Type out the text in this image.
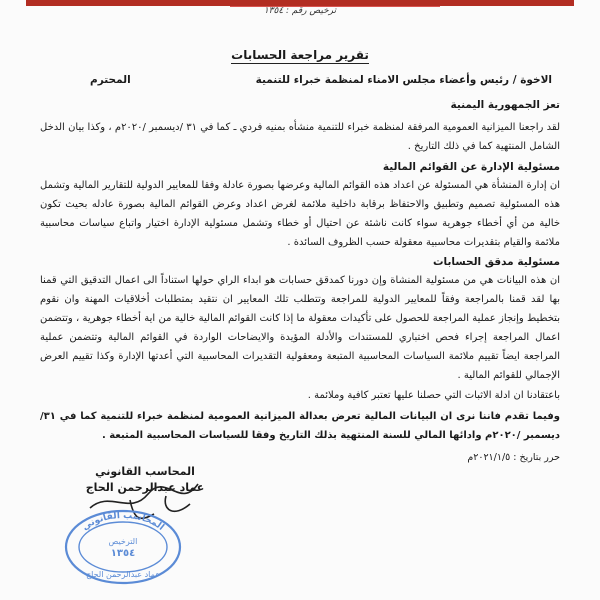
ترخيص رقم : ١٣٥٤
تقرير مراجعة الحسابات
الاخوة / رئيس وأعضاء مجلس الامناء لمنظمة خبراء للتنمية
المحترم

تعز الجمهورية اليمنية

لقد راجعنا الميزانية العمومية المرفقة لمنظمة خبراء للتنمية منشأه بمنيه فردي ـ كما في ٣١ /ديسمبر /٢٠٢٠م ، وكذا بيان الدخل الشامل المنتهية كما في ذلك التاريخ .

مسئولية الإدارة عن القوائم المالية

ان إدارة المنشأة هي المسئولة عن اعداد هذه القوائم المالية وعرضها بصورة عادلة وفقا للمعايير الدولية للتقارير المالية وتشمل هذه المسئولية تصميم وتطبيق والاحتفاظ برقابة داخلية ملائمة لغرض اعداد وعرض القوائم المالية بصورة عادله بحيث تكون خالية من أي أخطاء جوهرية سواء كانت ناشئة عن احتيال أو خطاء وتشمل مسئولية الإدارة اختيار واتباع سياسات محاسبية ملائمة والقيام بتقديرات محاسبية معقولة حسب الظروف السائدة .

مسئولية مدقق الحسابات

ان هذه البيانات هي من مسئولية المنشاة وإن دورنا كمدقق حسابات هو ابداء الراي حولها استناداً الى اعمال التدقيق التي قمنا بها لقد قمنا بالمراجعة وفقاً للمعايير الدولية للمراجعة وتتطلب تلك المعايير ان نتقيد بمتطلبات أخلاقيات المهنة وان نقوم بتخطيط وإنجاز عملية المراجعة للحصول على تأكيدات معقولة ما إذا كانت القوائم المالية خالية من اية أخطاء جوهرية ، وتتضمن اعمال المراجعة إجراء فحص اختباري للمستندات والأدلة المؤيدة والايضاحات الواردة في القوائم المالية وتتضمن عملية المراجعة ايضاً تقييم ملائمة السياسات المحاسبية المتبعة ومعقولية التقديرات المحاسبية التي أعدتها الإدارة وكذا تقييم العرض الإجمالي للقوائم المالية .

باعتقادنا ان ادلة الاثبات التي حصلنا عليها تعتبر كافية وملائمة .

وفيما تقدم فاننا نرى ان البيانات المالية تعرض بعدالة الميزانية العمومية لمنظمة خبراء للتنمية كما في ٣١/ديسمبر /٢٠٢٠م وادائها المالي للسنة المنتهية بذلك التاريخ وفقا للسياسات المحاسبية المتبعة .

حرر بتاريخ : ٢٠٢١/١/٥م
المحاسب القانوني
عماد عبدالرحمن الحاج
المحاسب القانوني
الترخيص
١٣٥٤
عماد عبدالرحمن الحاج
